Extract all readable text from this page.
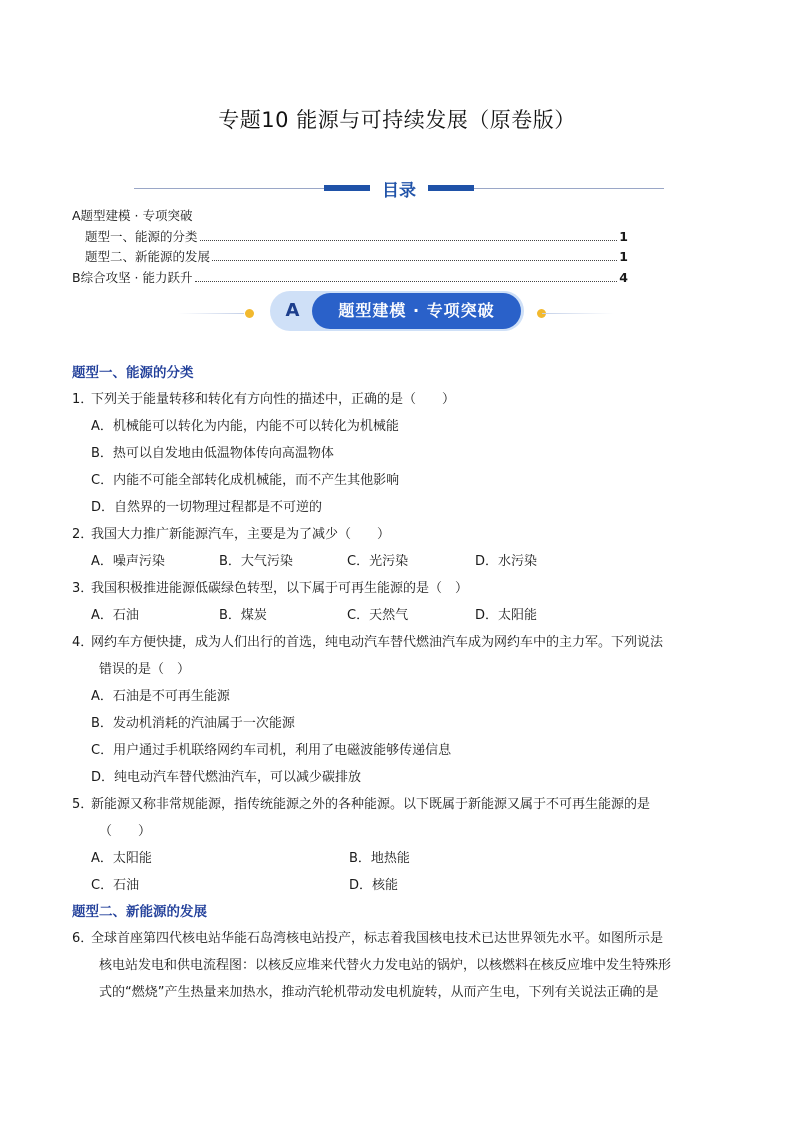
专题10 能源与可持续发展（原卷版）
目录
A题型建模 · 专项突破
题型一、能源的分类	1
题型二、新能源的发展	1
B综合攻坚 · 能力跃升	4
A	题型建模 · 专项突破
题型一、能源的分类
1．下列关于能量转移和转化有方向性的描述中，正确的是（　　）
A．机械能可以转化为内能，内能不可以转化为机械能
B．热可以自发地由低温物体传向高温物体
C．内能不可能全部转化成机械能，而不产生其他影响
D．自然界的一切物理过程都是不可逆的
2．我国大力推广新能源汽车，主要是为了减少（　　）
A．噪声污染	B．大气污染	C．光污染	D．水污染
3．我国积极推进能源低碳绿色转型，以下属于可再生能源的是（　）
A．石油	B．煤炭	C．天然气	D．太阳能
4．网约车方便快捷，成为人们出行的首选，纯电动汽车替代燃油汽车成为网约车中的主力军。下列说法
错误的是（　）
A．石油是不可再生能源
B．发动机消耗的汽油属于一次能源
C．用户通过手机联络网约车司机，利用了电磁波能够传递信息
D．纯电动汽车替代燃油汽车，可以减少碳排放
5．新能源又称非常规能源，指传统能源之外的各种能源。以下既属于新能源又属于不可再生能源的是
（　　）
A．太阳能	B．地热能
C．石油	D．核能
题型二、新能源的发展
6．全球首座第四代核电站华能石岛湾核电站投产，标志着我国核电技术已达世界领先水平。如图所示是
核电站发电和供电流程图：以核反应堆来代替火力发电站的锅炉，以核燃料在核反应堆中发生特殊形
式的“燃烧”产生热量来加热水，推动汽轮机带动发电机旋转，从而产生电，下列有关说法正确的是
